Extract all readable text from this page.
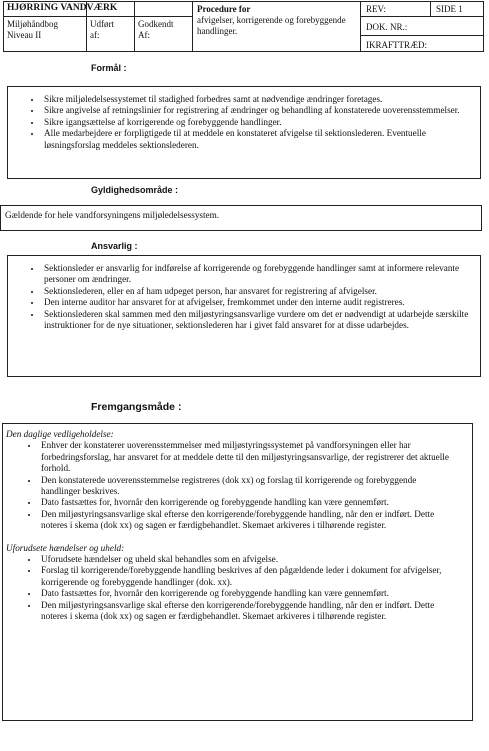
HJØRRING VANDVÆRK
Miljøhåndbog
Niveau II
Udført
af:
Godkendt
Af:
Procedure for
afvigelser, korrigerende og forebyggende handlinger.
REV:	SIDE 1
DOK. NR.:
IKRAFTTRÆD:
Formål :
• Sikre miljøledelsessystemet til stadighed forbedres samt at nødvendige ændringer foretages.
• Sikre angivelse af retningslinier for registrering af ændringer og behandling af konstaterede uoverensstemmelser.
• Sikre igangsættelse af korrigerende og forebyggende handlinger.
• Alle medarbejdere er forpligtigede til at meddele en konstateret afvigelse til sektionslederen. Eventuelle løsningsforslag meddeles sektionslederen.
Gyldighedsområde :
Gældende for hele vandforsyningens miljøledelsessystem.
Ansvarlig :
• Sektionsleder er ansvarlig for indførelse af korrigerende og forebyggende handlinger samt at informere relevante personer om ændringer.
• Sektionslederen, eller en af ham udpeget person, har ansvaret for registrering af afvigelser.
• Den interne auditor har ansvaret for at afvigelser, fremkommet under den interne audit registreres.
• Sektionslederen skal sammen med den miljøstyringsansvarlige vurdere om det er nødvendigt at udarbejde særskilte instruktioner for de nye situationer, sektionslederen har i givet fald ansvaret for at disse udarbejdes.
Fremgangsmåde :
Den daglige vedligeholdelse:
• Enhver der konstaterer uoverensstemmelser med miljøstyringssystemet på vandforsyningen eller har forbedringsforslag, har ansvaret for at meddele dette til den miljøstyringsansvarlige, der registrerer det aktuelle forhold.
• Den konstaterede uoverensstemmelse registreres (dok xx) og forslag til korrigerende og forebyggende handlinger beskrives.
• Dato fastsættes for, hvornår den korrigerende og forebyggende handling kan være gennemført.
• Den miljøstyringsansvarlige skal efterse den korrigerende/forebyggende handling, når den er indført. Dette noteres i skema (dok xx) og sagen er færdigbehandlet. Skemaet arkiveres i tilhørende register.
Uforudsete hændelser og uheld:
• Uforudsete hændelser og uheld skal behandles som en afvigelse.
• Forslag til korrigerende/forebyggende handling beskrives af den pågældende leder i dokument for afvigelser, korrigerende og forebyggende handlinger (dok. xx).
• Dato fastsættes for, hvornår den korrigerende og forebyggende handling kan være gennemført.
• Den miljøstyringsansvarlige skal efterse den korrigerende/forebyggende handling, når den er indført. Dette noteres i skema (dok xx) og sagen er færdigbehandlet. Skemaet arkiveres i tilhørende register.
